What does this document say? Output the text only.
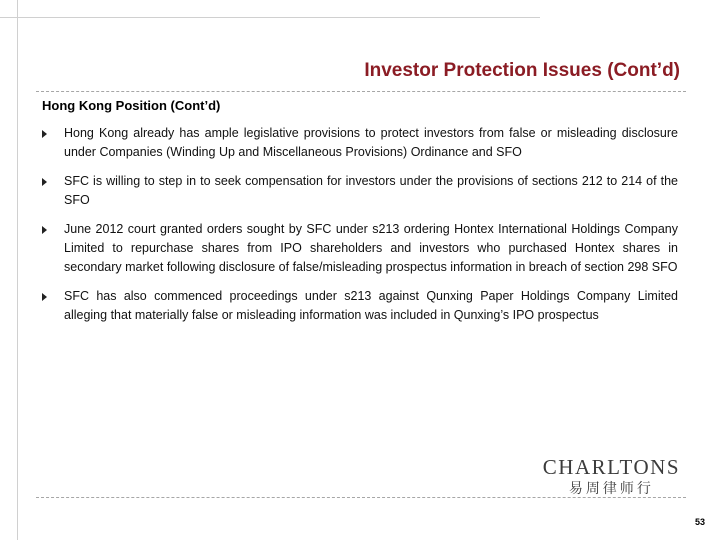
Investor Protection Issues (Cont’d)
Hong Kong Position (Cont’d)
Hong Kong already has ample legislative provisions to protect investors from false or misleading disclosure under Companies (Winding Up and Miscellaneous Provisions) Ordinance and SFO
SFC is willing to step in to seek compensation for investors under the provisions of sections 212 to 214 of the SFO
June 2012 court granted orders sought by SFC under s213 ordering Hontex International Holdings Company Limited to repurchase shares from IPO shareholders and investors who purchased Hontex shares in secondary market following disclosure of false/misleading prospectus information in breach of section 298 SFO
SFC has also commenced proceedings under s213 against Qunxing Paper Holdings Company Limited alleging that materially false or misleading information was included in Qunxing’s IPO prospectus
CHARLTONS
易周律师行
53
